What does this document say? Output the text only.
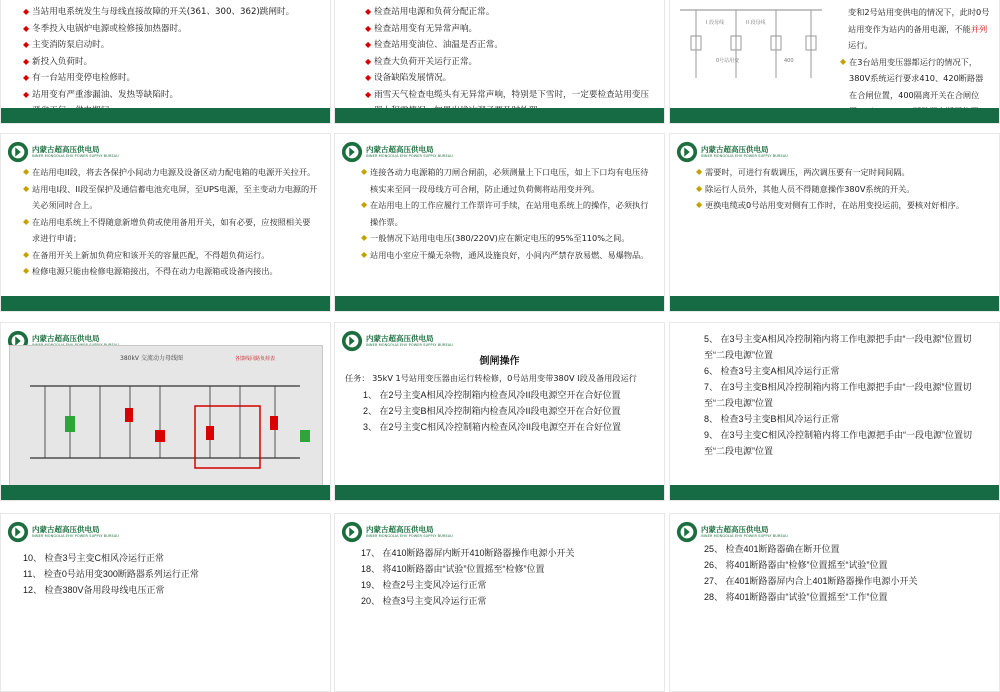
◆ 当站用电系统发生与母线直接故障的开关(361、300、362)跳闸时。
◆ 冬季投入电锅炉电源或检修接加热器时。
◆ 主变消防泵启动时。
◆ 新投入负荷时。
◆ 有一台站用变停电检修时。
◆ 站用变有严重渗漏油、发热等缺陷时。
◆ 检查站用电源和负荷分配正常。
◆ 检查站用变有无异常声响。
◆ 检查站用变油位、油温是否正常。
◆ 检查大负荷开关运行正常。
◆ 设备缺陷发展情况。
◆ 雨雪天气检查电缆头有无异常声响，特别是下雪时，一定要检查站用变压
I 段母线	II 段母线
0号站用变	400
变和2号站用变供电的情况下，此时0号站用变作为站内的备用电源，不能并列运行。
◆ 在3台站用变压器都运行的情况下，380V系统运行要求410、420断路器在合闸位置，400隔离开关在合闸位
内蒙古超高压供电局
INNER MONGOLIA EHV POWER SUPPLY BUREAU
◆ 在站用电II段，将去各保护小间动力电源及设备区动力配电箱的电源开关拉开。
◆ 站用电I段、II段至保护及通信蓄电池充电屏，至UPS电源，至主变动力电源的开关必须同时合上。
◆ 在站用电系统上不得随意新增负荷或使用备用开关，如有必要，应按照相关要求进行申请；
◆ 在备用开关上新加负荷应和该开关的容量匹配，不得超负荷运行。
◆ 检修电源只能由检修电源箱接出，不得在动力电源箱或设备内接出。
内蒙古超高压供电局
INNER MONGOLIA EHV POWER SUPPLY BUREAU
◆ 连接各动力电源箱的刀闸合闸前，必须测量上下口电压，如上下口均有电压待核实来至同一段母线方可合闸，防止通过负荷侧将站用变并列。
◆ 在站用电上的工作应履行工作票许可手续，在站用电系统上的操作，必须执行操作票。
◆ 一般情况下站用电电压(380/220V)应在额定电压的95%至110%之间。
◆ 站用电小室应干燥无杂物，通风设施良好，小间内严禁存放易燃、易爆物品。
内蒙古超高压供电局
INNER MONGOLIA EHV POWER SUPPLY BUREAU
◆ 需要时，可进行有载调压，两次调压要有一定时间间隔。
◆ 除运行人员外，其他人员不得随意操作380V系统的开关。
◆ 更换电缆或0号站用变对侧有工作时，在站用变投运前，要核对好相序。
内蒙古超高压供电局
380kV 交流动力母线图	各馈线回路负荷表
内蒙古超高压供电局
INNER MONGOLIA EHV POWER SUPPLY BUREAU
倒闸操作
任务： 35kV 1号站用变压器由运行转检修，0号站用变带380V I段及备用段运行
1、 在2号主变A相风冷控制箱内检查风冷II段电源空开在合好位置
2、 在2号主变B相风冷控制箱内检查风冷II段电源空开在合好位置
3、 在2号主变C相风冷控制箱内检查风冷II段电源空开在合好位置
5、 在3号主变A相风冷控制箱内将工作电源把手由“一段电源”位置切至“二段电源”位置
6、 检查3号主变A相风冷运行正常
7、 在3号主变B相风冷控制箱内将工作电源把手由“一段电源”位置切至“二段电源”位置
8、 检查3号主变B相风冷运行正常
9、 在3号主变C相风冷控制箱内将工作电源把手由“一段电源”位置切至“二段电源”位置
内蒙古超高压供电局
INNER MONGOLIA EHV POWER SUPPLY BUREAU
10、 检查3号主变C相风冷运行正常
11、 检查0号站用变300断路器系列运行正常
12、 检查380V备用段母线电压正常
内蒙古超高压供电局
INNER MONGOLIA EHV POWER SUPPLY BUREAU
17、 在410断路器屏内断开410断路器操作电源小开关
18、 将410断路器由“试验”位置摇至“检修”位置
19、 检查2号主变风冷运行正常
20、 检查3号主变风冷运行正常
内蒙古超高压供电局
INNER MONGOLIA EHV POWER SUPPLY BUREAU
25、 检查401断路器确在断开位置
26、 将401断路器由“检修”位置摇至“试验”位置
27、 在401断路器屏内合上401断路器操作电源小开关
28、 将401断路器由“试验”位置摇至“工作”位置
